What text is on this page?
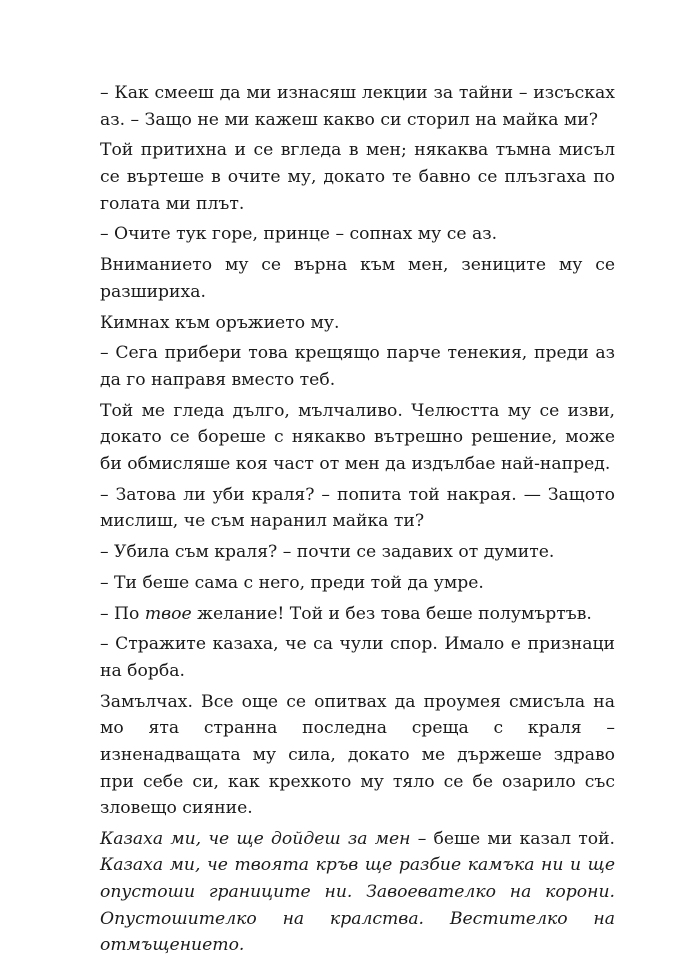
– Как смееш да ми изнасяш лекции за тайни – изсъсках аз. – Защо не ми кажеш какво си сторил на майка ми?

Той притихна и се вгледа в мен; някаква тъмна мисъл се въртеше в очите му, докато те бавно се плъзгаха по голата ми плът.

– Очите тук горе, принце – сопнах му се аз.

Вниманието му се върна към мен, зениците му се разшириха.

Кимнах към оръжието му.

– Сега прибери това крещящо парче тенекия, преди аз да го направя вместо теб.

Той ме гледа дълго, мълчаливо. Челюстта му се изви, докато се бореше с някакво вътрешно решение, може би обмисляше коя част от мен да издълбае най-напред.

– Затова ли уби краля? – попита той накрая. — Защото мислиш, че съм наранил майка ти?

– Убила съм краля? – почти се задавих от думите.

– Ти беше сама с него, преди той да умре.

– По твое желание! Той и без това беше полумъртъв.

– Стражите казаха, че са чули спор. Имало е признаци на борба.

Замълчах. Все още се опитвах да проумея смисъла на мо ята странна последна среща с краля – изненадващата му сила, докато ме държеше здраво при себе си, как крехкото му тяло се бе озарило със зловещо сияние.

Казаха ми, че ще дойдеш за мен – беше ми казал той. Казаха ми, че твоята кръв ще разбие камъка ни и ще опустоши границите ни. Завоевателко на корони. Опустошителко на кралства. Вестителко на отмъщението.
